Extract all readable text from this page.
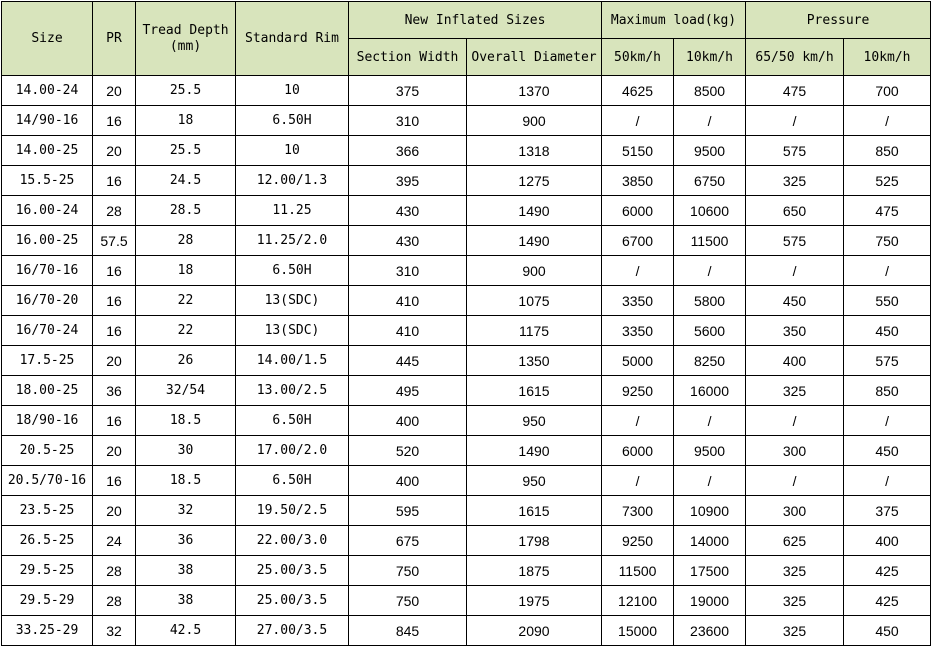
Size	PR	Tread Depth (mm)	Standard Rim	New Inflated Sizes		Maximum load(kg)		Pressure	
				Section Width	Overall Diameter	50km/h	10km/h	65/50 km/h	10km/h
14.00-24	20	25.5	10	375	1370	4625	8500	475	700
14/90-16	16	18	6.50H	310	900	/	/	/	/
14.00-25	20	25.5	10	366	1318	5150	9500	575	850
15.5-25	16	24.5	12.00/1.3	395	1275	3850	6750	325	525
16.00-24	28	28.5	11.25	430	1490	6000	10600	650	475
16.00-25	57.5	28	11.25/2.0	430	1490	6700	11500	575	750
16/70-16	16	18	6.50H	310	900	/	/	/	/
16/70-20	16	22	13(SDC)	410	1075	3350	5800	450	550
16/70-24	16	22	13(SDC)	410	1175	3350	5600	350	450
17.5-25	20	26	14.00/1.5	445	1350	5000	8250	400	575
18.00-25	36	32/54	13.00/2.5	495	1615	9250	16000	325	850
18/90-16	16	18.5	6.50H	400	950	/	/	/	/
20.5-25	20	30	17.00/2.0	520	1490	6000	9500	300	450
20.5/70-16	16	18.5	6.50H	400	950	/	/	/	/
23.5-25	20	32	19.50/2.5	595	1615	7300	10900	300	375
26.5-25	24	36	22.00/3.0	675	1798	9250	14000	625	400
29.5-25	28	38	25.00/3.5	750	1875	11500	17500	325	425
29.5-29	28	38	25.00/3.5	750	1975	12100	19000	325	425
33.25-29	32	42.5	27.00/3.5	845	2090	15000	23600	325	450
